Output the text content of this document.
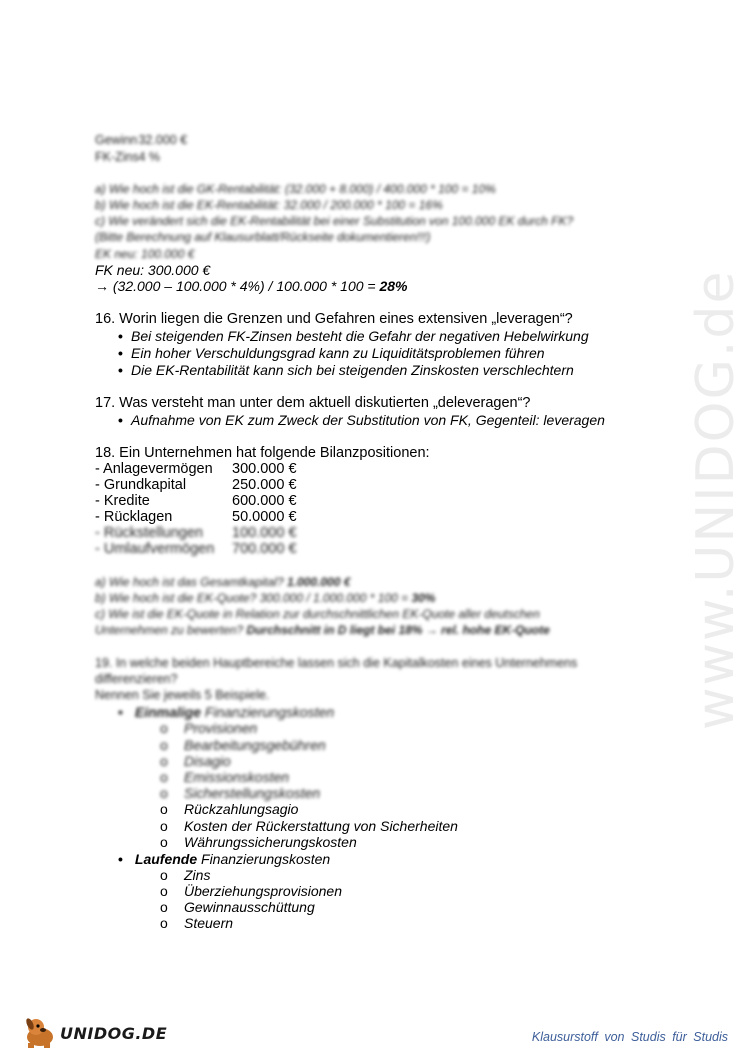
www.UNIDOG.de
Gewinn 32.000 €
FK-Zins 4 %
a) Wie hoch ist die GK-Rentabilität: (32.000 + 8.000) / 400.000 * 100 = 10%
b) Wie hoch ist die EK-Rentabilität: 32.000 / 200.000 * 100 = 16%
c) Wie verändert sich die EK-Rentabilität bei einer Substitution von 100.000 EK durch FK?
(Bitte Berechnung auf Klausurblatt/Rückseite dokumentieren!!!)
EK neu: 100.000 €
FK neu: 300.000 €
→ (32.000 – 100.000 * 4%) / 100.000 * 100 = 28%
16. Worin liegen die Grenzen und Gefahren eines extensiven „leveragen“?
• Bei steigenden FK-Zinsen besteht die Gefahr der negativen Hebelwirkung
• Ein hoher Verschuldungsgrad kann zu Liquiditätsproblemen führen
• Die EK-Rentabilität kann sich bei steigenden Zinskosten verschlechtern
17. Was versteht man unter dem aktuell diskutierten „deleveragen“?
• Aufnahme von EK zum Zweck der Substitution von FK, Gegenteil: leveragen
18. Ein Unternehmen hat folgende Bilanzpositionen:
- Anlagevermögen 300.000 €
- Grundkapital	250.000 €
- Kredite	600.000 €
- Rücklagen	50.0000 €
- Rückstellungen 100.000 €
- Umlaufvermögen 700.000 €
a) Wie hoch ist das Gesamtkapital? 1.000.000 €
b) Wie hoch ist die EK-Quote? 300.000 / 1.000.000 * 100 = 30%
c) Wie ist die EK-Quote in Relation zur durchschnittlichen EK-Quote aller deutschen
Unternehmen zu bewerten? Durchschnitt in D liegt bei 18% → rel. hohe EK-Quote
19. In welche beiden Hauptbereiche lassen sich die Kapitalkosten eines Unternehmens
differenzieren?
Nennen Sie jeweils 5 Beispiele.
• Einmalige Finanzierungskosten
o Provisionen
o Bearbeitungsgebühren
o Disagio
o Emissionskosten
o Sicherstellungskosten
o Rückzahlungsagio
o Kosten der Rückerstattung von Sicherheiten
o Währungssicherungskosten
• Laufende Finanzierungskosten
o Zins
o Überziehungsprovisionen
o Gewinnausschüttung
o Steuern
UNIDOG.DE	Klausurstoff von Studis für Studis
